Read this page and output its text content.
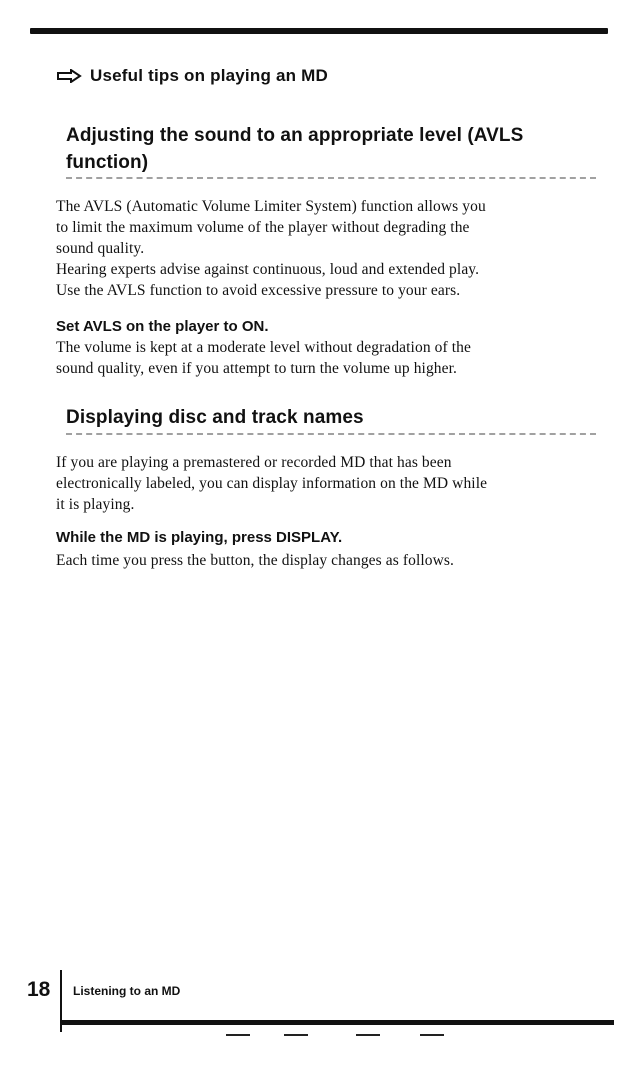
Useful tips on playing an MD
Adjusting the sound to an appropriate level (AVLS function)

The AVLS (Automatic Volume Limiter System) function allows you
to limit the maximum volume of the player without degrading the
sound quality.

Hearing experts advise against continuous, loud and extended play.
Use the AVLS function to avoid excessive pressure to your ears.

Set AVLS on the player to ON.

The volume is kept at a moderate level without degradation of the
sound quality, even if you attempt to turn the volume up higher.

Displaying disc and track names

If you are playing a premastered or recorded MD that has been
electronically labeled, you can display information on the MD while
it is playing.

While the MD is playing, press DISPLAY.

Each time you press the button, the display changes as follows.

18 Listening to an MD
